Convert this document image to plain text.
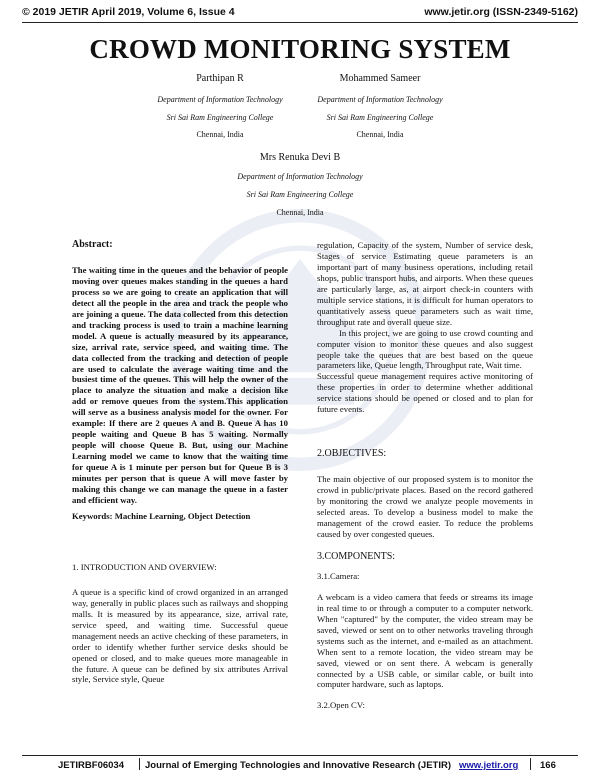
© 2019 JETIR April 2019, Volume 6, Issue 4	www.jetir.org (ISSN-2349-5162)
CROWD MONITORING SYSTEM
Parthipan R
Department of Information Technology
Sri Sai Ram Engineering College
Chennai, India
Mohammed Sameer
Department of Information Technology
Sri Sai Ram Engineering College
Chennai, India
Mrs Renuka Devi B
Department of Information Technology
Sri Sai Ram Engineering College
Chennai, India

Abstract:

The waiting time in the queues and the behavior of people moving over queues makes standing in the queues a hard process so we are going to create an application that will detect all the people in the area and track the people who are joining a queue. The data collected from this detection and tracking process is used to train a machine learning model. A queue is actually measured by its appearance, size, arrival rate, service speed, and waiting time. The data collected from the tracking and detection of people are used to calculate the average waiting time and the busiest time of the queues. This will help the owner of the place to analyze the situation and make a decision like add or remove queues from the system.This application will serve as a business analysis model for the owner. For example: If there are 2 queues A and B. Queue A has 10 people waiting and Queue B has 5 waiting. Normally people will choose Queue B. But, using our Machine Learning model we came to know that the waiting time for queue A is 1 minute per person but for Queue B is 3 minutes per person that is queue A will move faster by making this change we can manage the queue in a faster and efficient way.

Keywords: Machine Learning, Object Detection

1. INTRODUCTION AND OVERVIEW:

A queue is a specific kind of crowd organized in an arranged way, generally in public places such as railways and shopping malls. It is measured by its appearance, size, arrival rate, service speed, and waiting time. Successful queue management needs an active checking of these parameters, in order to identify whether further service desks should be opened or closed, and to make queues more manageable in the future. A queue can be defined by six attributes Arrival style, Service style, Queue

regulation, Capacity of the system, Number of service desk, Stages of service Estimating queue parameters is an important part of many business operations, including retail shops, public transport hubs, and airports. When these queues are particularly large, as, at airport check-in counters with multiple service stations, it is difficult for human operators to quantitatively assess queue parameters such as wait time, throughput rate and overall queue size.

In this project, we are going to use crowd counting and computer vision to monitor these queues and also suggest people take the queues that are best based on the queue parameters like, Queue length, Throughput rate, Wait time.

Successful queue management requires active monitoring of these properties in order to determine whether additional service stations should be opened or closed and to plan for future events.

2.OBJECTIVES:

The main objective of our proposed system is to monitor the crowd in public/private places. Based on the record gathered by monitoring the crowd we analyze people movements in selected areas. To develop a business model to make the management of the crowd easier. To reduce the problems caused by over congested queues.

3.COMPONENTS:

3.1.Camera:

A webcam is a video camera that feeds or streams its image in real time to or through a computer to a computer network. When "captured" by the computer, the video stream may be saved, viewed or sent on to other networks traveling through systems such as the internet, and e-mailed as an attachment. When sent to a remote location, the video stream may be saved, viewed or on sent there. A webcam is generally connected by a USB cable, or similar cable, or built into computer hardware, such as laptops.

3.2.Open CV:

JETIRBF06034 Journal of Emerging Technologies and Innovative Research (JETIR) www.jetir.org 166
